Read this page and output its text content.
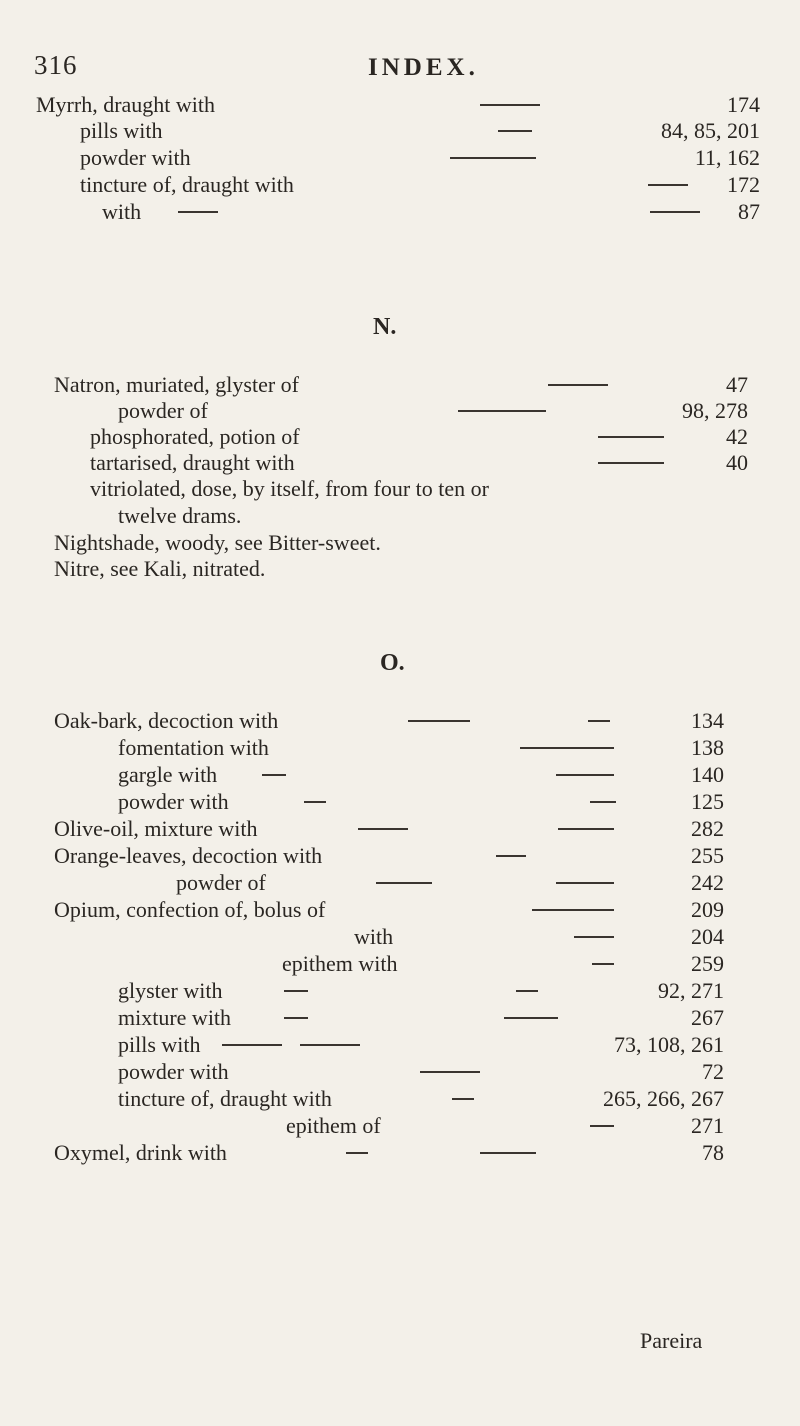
316	INDEX.
Myrrh, draught with	174
pills with	84, 85, 201
powder with	11, 162
tincture of, draught with	172
with	87
N.
Natron, muriated, glyster of	47
powder of	98, 278
phosphorated, potion of	42
tartarised, draught with	40
vitriolated, dose, by itself, from four to ten or
twelve drams.
Nightshade, woody, see Bitter-sweet.
Nitre, see Kali, nitrated.
O.
Oak-bark, decoction with	134
fomentation with	138
gargle with	140
powder with	125
Olive-oil, mixture with	282
Orange-leaves, decoction with	255
powder of	242
Opium, confection of, bolus of	209
with	204
epithem with	259
glyster with	92, 271
mixture with	267
pills with	73, 108, 261
powder with	72
tincture of, draught with	265, 266, 267
epithem of	271
Oxymel, drink with	78
Pareira
